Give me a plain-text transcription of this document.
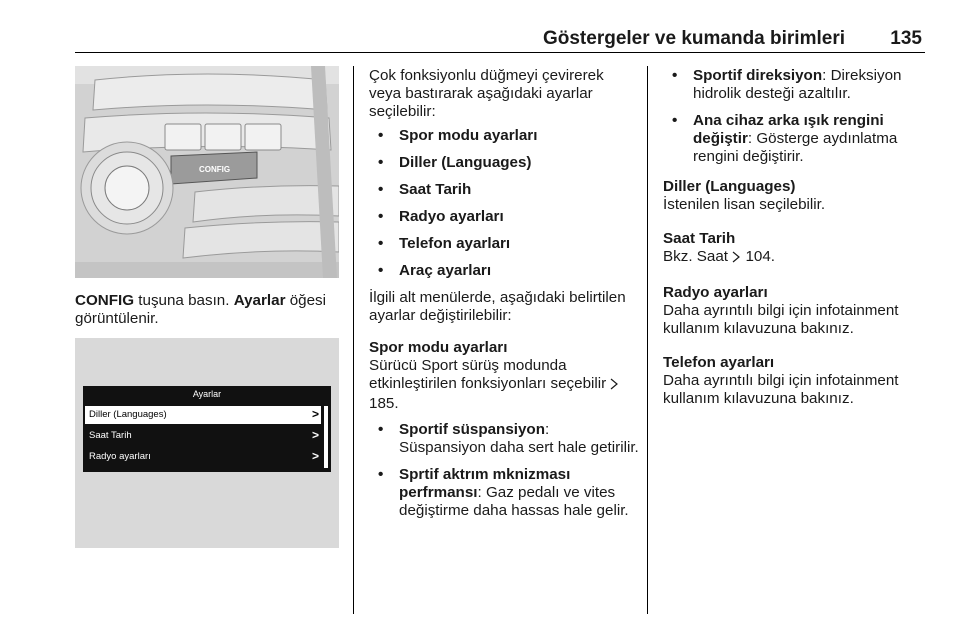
Göstergeler ve kumanda birimleri 135
CONFIG

CONFIG tuşuna basın. Ayarlar öğesi görüntülenir.

Ayarlar
Diller (Languages)	>
Saat Tarih	>
Radyo ayarları	>

Çok fonksiyonlu düğmeyi çevirerek veya bastırarak aşağıdaki ayarlar seçilebilir:

• Spor modu ayarları
• Diller (Languages)
• Saat Tarih
• Radyo ayarları
• Telefon ayarları
• Araç ayarları

İlgili alt menülerde, aşağıdaki belirtilen ayarlar değiştirilebilir:

Spor modu ayarları
Sürücü Sport sürüş modunda etkinleştirilen fonksiyonları seçebilir  185.
• Sportif süspansiyon:
Süspansiyon daha sert hale getirilir.
• Sprtif aktrım mknizması perfrmansı: Gaz pedalı ve vites değiştirme daha hassas hale gelir.
• Sportif direksiyon: Direksiyon hidrolik desteği azaltılır.
• Ana cihaz arka ışık rengini değiştir: Gösterge aydınlatma rengini değiştirir.
Diller (Languages)
İstenilen lisan seçilebilir.
Saat Tarih
Bkz. Saat 104.
Radyo ayarları
Daha ayrıntılı bilgi için infotainment kullanım kılavuzuna bakınız.
Telefon ayarları
Daha ayrıntılı bilgi için infotainment kullanım kılavuzuna bakınız.
